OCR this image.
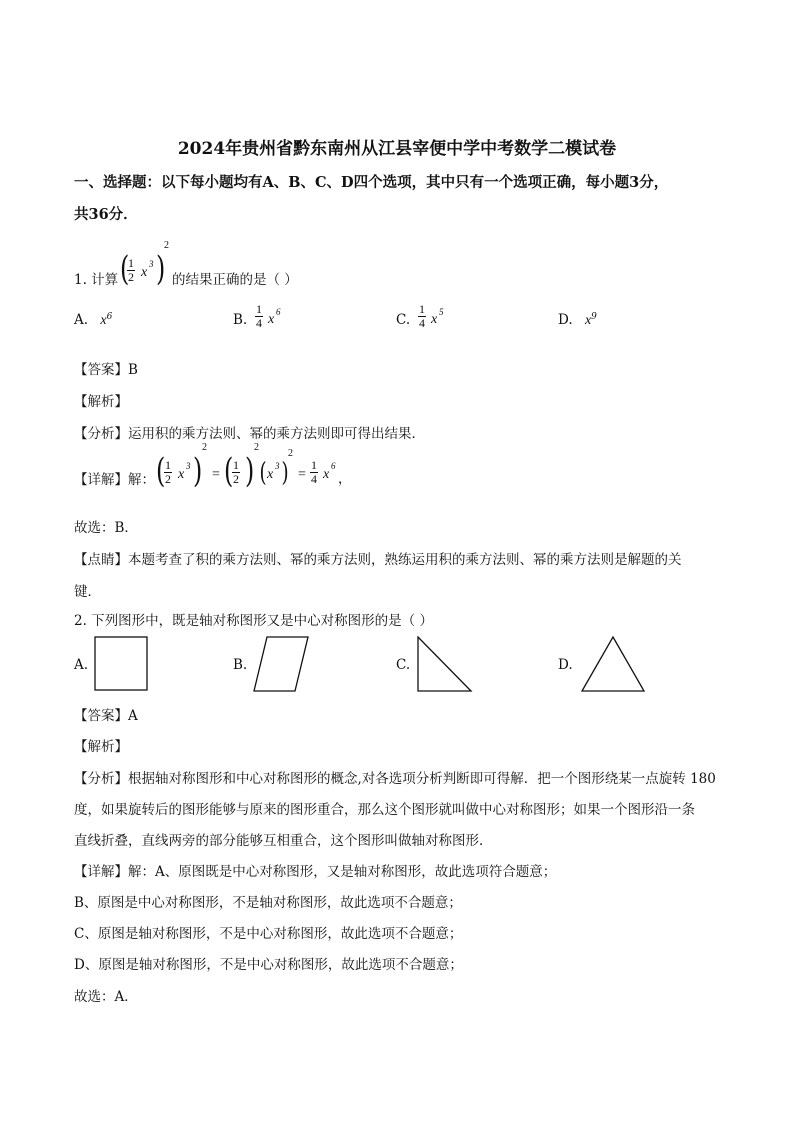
2024年贵州省黔东南州从江县宰便中学中考数学二模试卷
一、选择题：以下每小题均有A、B、C、D四个选项，其中只有一个选项正确，每小题3分，
共36分．
1. 计算 (
$\frac{1}{2}$ x
3 )
2
的结果正确的是（ ）
A. $x^6$	B. $\frac{1}{4}$ x 6	C. $\frac{1}{4}$ x 5	D. $x^9$
【答案】B
【解析】
【分析】运用积的乘方法则、幂的乘方法则即可得出结果．
【详解】解： (
$\frac{1}{2}$ x
3 )
2
= (
$\frac{1}{2}$ )
2
( x
3 )
2
= $\frac{1}{4}$ x
6
，
故选：B．
【点睛】本题考查了积的乘方法则、幂的乘方法则，熟练运用积的乘方法则、幂的乘方法则是解题的关
键．
2. 下列图形中，既是轴对称图形又是中心对称图形的是（ ）
A.	B.	C.	D.
【答案】A
【解析】
【分析】根据轴对称图形和中心对称图形的概念,对各选项分析判断即可得解．把一个图形绕某一点旋转 180
度，如果旋转后的图形能够与原来的图形重合，那么这个图形就叫做中心对称图形；如果一个图形沿一条
直线折叠，直线两旁的部分能够互相重合，这个图形叫做轴对称图形．
【详解】解：A、原图既是中心对称图形，又是轴对称图形，故此选项符合题意；
B、原图是中心对称图形，不是轴对称图形，故此选项不合题意；
C、原图是轴对称图形，不是中心对称图形，故此选项不合题意；
D、原图是轴对称图形，不是中心对称图形，故此选项不合题意；
故选：A．
